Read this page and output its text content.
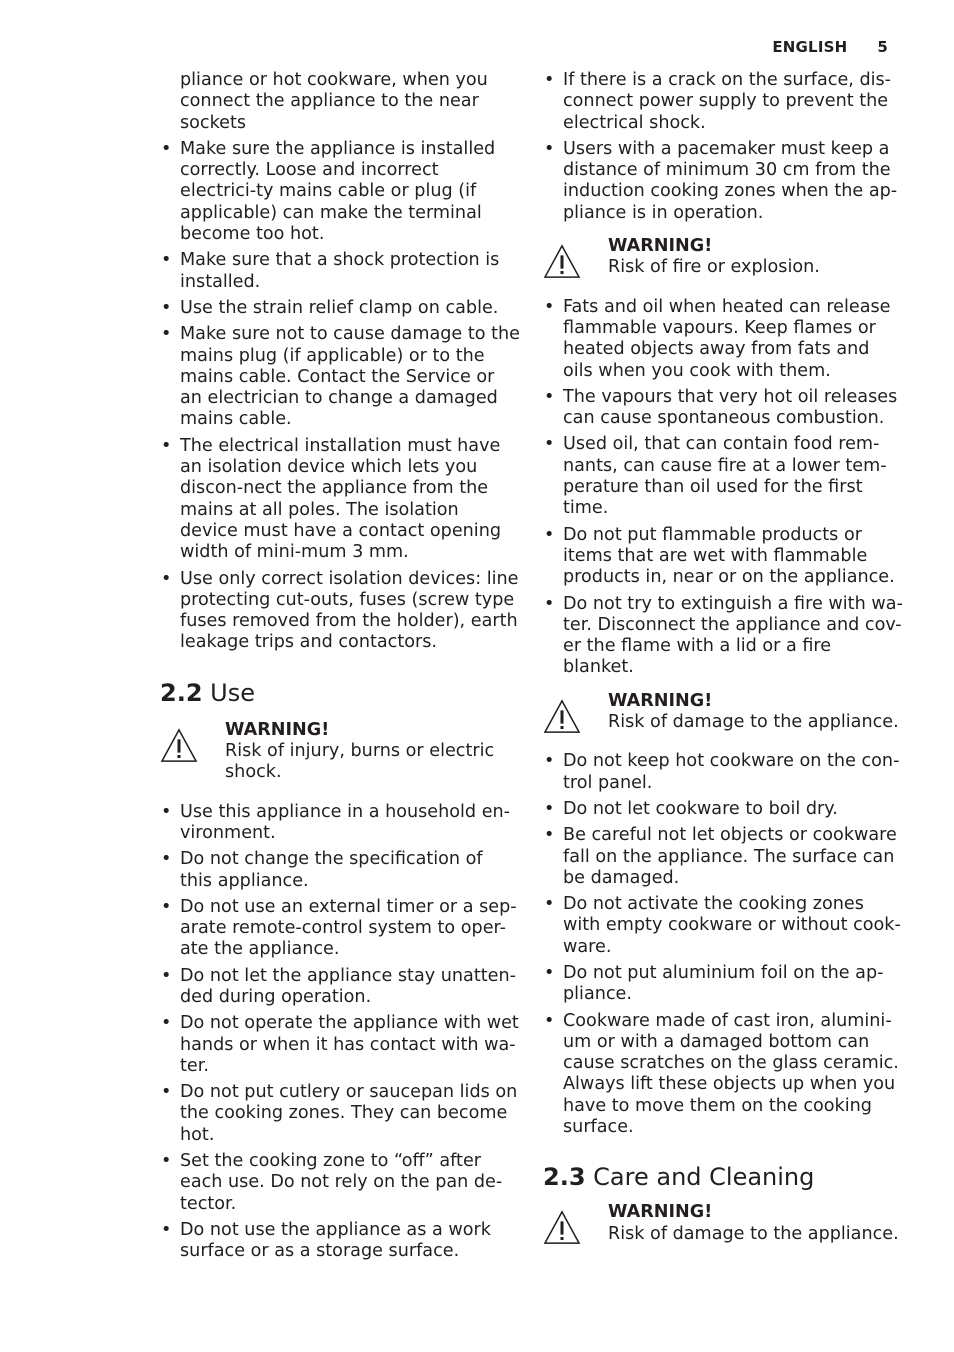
ENGLISH 5
pliance or hot cookware, when you connect the appliance to the near sockets
• Make sure the appliance is installed correctly. Loose and incorrect electrici-ty mains cable or plug (if applicable) can make the terminal become too hot.
• Make sure that a shock protection is installed.
• Use the strain relief clamp on cable.
• Make sure not to cause damage to the mains plug (if applicable) or to the mains cable. Contact the Service or an electrician to change a damaged mains cable.
• The electrical installation must have an isolation device which lets you discon-nect the appliance from the mains at all poles. The isolation device must have a contact opening width of mini-mum 3 mm.
• Use only correct isolation devices: line protecting cut-outs, fuses (screw type fuses removed from the holder), earth leakage trips and contactors.
2.2 Use
WARNING!
Risk of injury, burns or electric shock.
• Use this appliance in a household en-vironment.
• Do not change the specification of this appliance.
• Do not use an external timer or a sep-arate remote-control system to oper-ate the appliance.
• Do not let the appliance stay unatten-ded during operation.
• Do not operate the appliance with wet hands or when it has contact with wa-ter.
• Do not put cutlery or saucepan lids on the cooking zones. They can become hot.
• Set the cooking zone to “off” after each use. Do not rely on the pan de-tector.
• Do not use the appliance as a work surface or as a storage surface.
• If there is a crack on the surface, dis-connect power supply to prevent the electrical shock.
• Users with a pacemaker must keep a distance of minimum 30 cm from the induction cooking zones when the ap-pliance is in operation.
WARNING!
Risk of fire or explosion.
• Fats and oil when heated can release flammable vapours. Keep flames or heated objects away from fats and oils when you cook with them.
• The vapours that very hot oil releases can cause spontaneous combustion.
• Used oil, that can contain food rem-nants, can cause fire at a lower tem-perature than oil used for the first time.
• Do not put flammable products or items that are wet with flammable products in, near or on the appliance.
• Do not try to extinguish a fire with wa-ter. Disconnect the appliance and cov-er the flame with a lid or a fire blanket.
WARNING!
Risk of damage to the appliance.
• Do not keep hot cookware on the con-trol panel.
• Do not let cookware to boil dry.
• Be careful not let objects or cookware fall on the appliance. The surface can be damaged.
• Do not activate the cooking zones with empty cookware or without cook-ware.
• Do not put aluminium foil on the ap-pliance.
• Cookware made of cast iron, alumini-um or with a damaged bottom can cause scratches on the glass ceramic. Always lift these objects up when you have to move them on the cooking surface.
2.3 Care and Cleaning
WARNING!
Risk of damage to the appliance.
